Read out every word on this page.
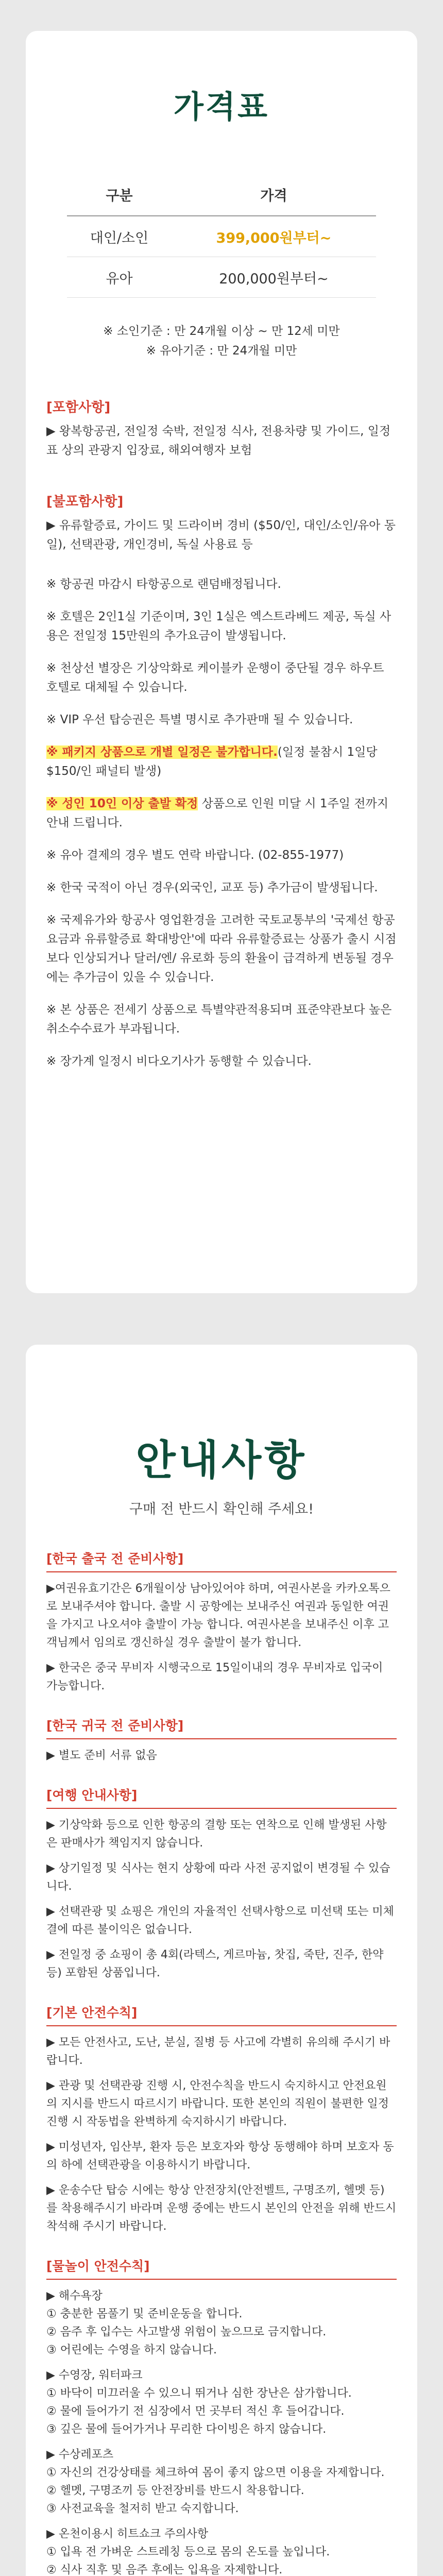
가격표
구분	가격
대인/소인	399,000원부터~
유아	200,000원부터~
※ 소인기준 : 만 24개월 이상 ~ 만 12세 미만
※ 유아기준 : 만 24개월 미만
[포함사항]
▶ 왕복항공권, 전일정 숙박, 전일정 식사, 전용차량 및 가이드, 일정표 상의 관광지 입장료, 해외여행자 보험
[불포함사항]
▶ 유류할증료, 가이드 및 드라이버 경비 ($50/인, 대인/소인/유아 동일), 선택관광, 개인경비, 독실 사용료 등
※ 항공권 마감시 타항공으로 랜덤배정됩니다.
※ 호텔은 2인1실 기준이며, 3인 1실은 엑스트라베드 제공, 독실 사용은 전일정 15만원의 추가요금이 발생됩니다.
※ 천상선 별장은 기상악화로 케이블카 운행이 중단될 경우 하우트 호텔로 대체될 수 있습니다.
※ VIP 우선 탑승권은 특별 명시로 추가판매 될 수 있습니다.
※ 패키지 상품으로 개별 일정은 불가합니다.(일정 불참시 1일당 $150/인 패널티 발생)
※ 성인 10인 이상 출발 확정 상품으로 인원 미달 시 1주일 전까지 안내 드립니다.
※ 유아 결제의 경우 별도 연락 바랍니다. (02-855-1977)
※ 한국 국적이 아닌 경우(외국인, 교포 등) 추가금이 발생됩니다.
※ 국제유가와 항공사 영업환경을 고려한 국토교통부의 '국제선 항공 요금과 유류할증료 확대방안'에 따라 유류할증료는 상품가 출시 시점 보다 인상되거나 달러/엔/ 유로화 등의 환율이 급격하게 변동될 경우에는 추가금이 있을 수 있습니다.
※ 본 상품은 전세기 상품으로 특별약관적용되며 표준약관보다 높은 취소수수료가 부과됩니다.
※ 장가계 일정시 비다오기사가 동행할 수 있습니다.
안내사항
구매 전 반드시 확인해 주세요!
[한국 출국 전 준비사항]
▶여권유효기간은 6개월이상 남아있어야 하며, 여권사본을 카카오톡으로 보내주셔야 합니다. 출발 시 공항에는 보내주신 여권과 동일한 여권을 가지고 나오셔야 출발이 가능 합니다. 여권사본을 보내주신 이후 고객님께서 임의로 갱신하실 경우 출발이 불가 합니다.
▶ 한국은 중국 무비자 시행국으로 15일이내의 경우 무비자로 입국이 가능합니다.
[한국 귀국 전 준비사항]
▶ 별도 준비 서류 없음
[여행 안내사항]
▶ 기상악화 등으로 인한 항공의 결항 또는 연착으로 인해 발생된 사항은 판매사가 책임지지 않습니다.
▶ 상기일정 및 식사는 현지 상황에 따라 사전 공지없이 변경될 수 있습니다.
▶ 선택관광 및 쇼핑은 개인의 자율적인 선택사항으로 미선택 또는 미체결에 따른 불이익은 없습니다.
▶ 전일정 중 쇼핑이 총 4회(라텍스, 게르마늄, 찻집, 죽탄, 진주, 한약 등) 포함된 상품입니다.
[기본 안전수칙]
▶ 모든 안전사고, 도난, 분실, 질병 등 사고에 각별히 유의해 주시기 바랍니다.
▶ 관광 및 선택관광 진행 시, 안전수칙을 반드시 숙지하시고 안전요원의 지시를 반드시 따르시기 바랍니다. 또한 본인의 직원이 불편한 일정 진행 시 작동법을 완벽하게 숙지하시기 바랍니다.
▶ 미성년자, 임산부, 환자 등은 보호자와 항상 동행해야 하며 보호자 동의 하에 선택관광을 이용하시기 바랍니다.
▶ 운송수단 탑승 시에는 항상 안전장치(안전벨트, 구명조끼, 헬멧 등) 를 착용해주시기 바라며 운행 중에는 반드시 본인의 안전을 위해 반드시 착석해 주시기 바랍니다.
[물놀이 안전수칙]
▶ 해수욕장
① 충분한 몸풀기 및 준비운동을 합니다.
② 음주 후 입수는 사고발생 위험이 높으므로 금지합니다.
③ 어린에는 수영을 하지 않습니다.
▶ 수영장, 워터파크
① 바닥이 미끄러울 수 있으니 뛰거나 심한 장난은 삼가합니다.
② 물에 들어가기 전 심장에서 먼 곳부터 적신 후 들어갑니다.
③ 깊은 물에 들어가거나 무리한 다이빙은 하지 않습니다.
▶ 수상레포츠
① 자신의 건강상태를 체크하여 몸이 좋지 않으면 이용을 자제합니다.
② 헬멧, 구명조끼 등 안전장비를 반드시 착용합니다.
③ 사전교육을 철저히 받고 숙지합니다.
▶ 온천이용시 히트쇼크 주의사항
① 입욕 전 가벼운 스트레칭 등으로 몸의 온도를 높입니다.
② 식사 직후 및 음주 후에는 입욕을 자제합니다.
